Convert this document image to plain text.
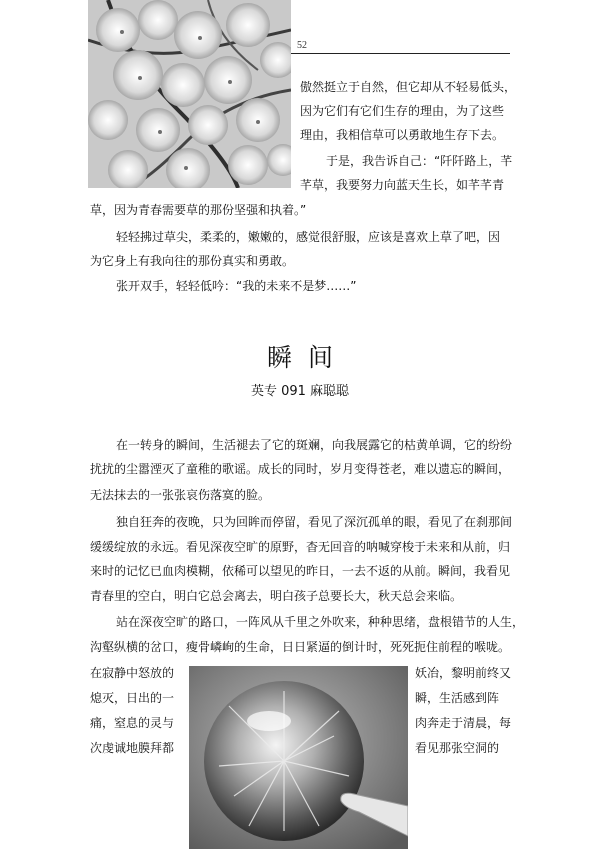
52
傲然挺立于自然，但它却从不轻易低头，
因为它们有它们生存的理由，为了这些
理由，我相信草可以勇敢地生存下去。
于是，我告诉自己：“阡阡路上，芊
芊草，我要努力向蓝天生长，如芊芊青
草，因为青春需要草的那份坚强和执着。”
轻轻拂过草尖，柔柔的，嫩嫩的，感觉很舒服，应该是喜欢上草了吧，因
为它身上有我向往的那份真实和勇敢。
张开双手，轻轻低吟：“我的未来不是梦……”
瞬间
英专 091 麻聪聪
在一转身的瞬间，生活褪去了它的斑斓，向我展露它的枯黄单调，它的纷纷
扰扰的尘嚣湮灭了童稚的歌谣。成长的同时，岁月变得苍老，难以遗忘的瞬间，
无法抹去的一张张哀伤落寞的脸。
独自狂奔的夜晚，只为回眸而停留，看见了深沉孤单的眼，看见了在刹那间
缓缓绽放的永远。看见深夜空旷的原野，杳无回音的呐喊穿梭于未来和从前，归
来时的记忆已血肉模糊，依稀可以望见的昨日，一去不返的从前。瞬间，我看见
青春里的空白，明白它总会离去，明白孩子总要长大，秋天总会来临。
站在深夜空旷的路口，一阵风从千里之外吹来，种种思绪，盘根错节的人生，
沟壑纵横的岔口，瘦骨嶙峋的生命，日日紧逼的倒计时，死死扼住前程的喉咙。
在寂静中怒放的
熄灭，日出的一
痛，窒息的灵与
次虔诚地膜拜都
妖冶，黎明前终又
瞬，生活感到阵
肉奔走于清晨，每
看见那张空洞的
